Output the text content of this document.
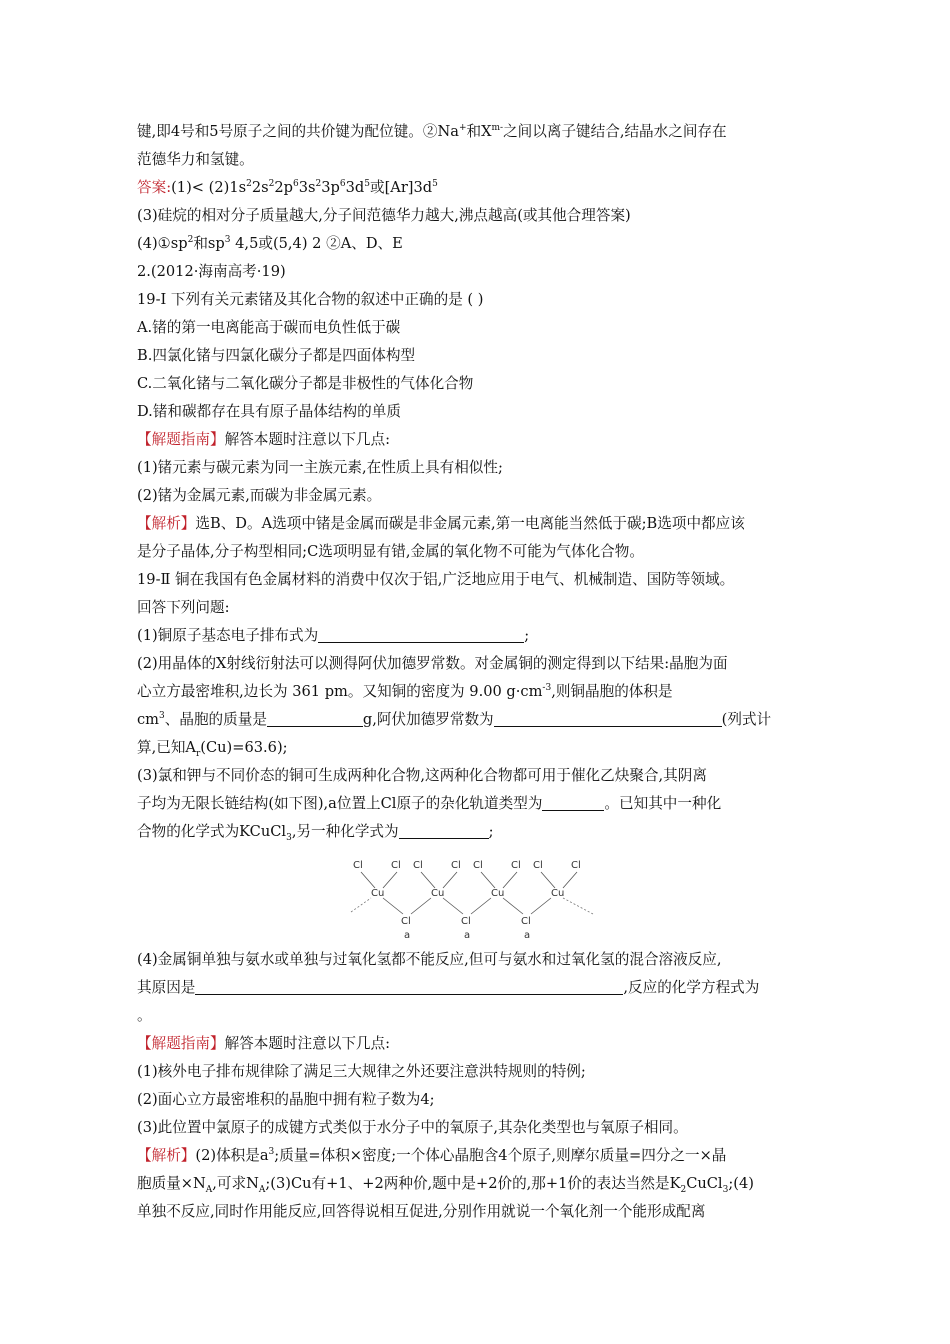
键,即4号和5号原子之间的共价键为配位键。②Na+和$X^{m-}$之间以离子键结合,结晶水之间存在
范德华力和氢键。
答案:(1)< $(2)1s^22s^22p^63s^23p^63d^5$或$[Ar]3d^5$
(3)硅烷的相对分子质量越大,分子间范德华力越大,沸点越高(或其他合理答案)
$(4)①sp^2$和$sp^3$ 4,5或(5,4) 2 ②A、D、E
2.(2012·海南高考·19)
19-Ⅰ 下列有关元素锗及其化合物的叙述中正确的是 ( )
A.锗的第一电离能高于碳而电负性低于碳
B.四氯化锗与四氯化碳分子都是四面体构型
C.二氧化锗与二氧化碳分子都是非极性的气体化合物
D.锗和碳都存在具有原子晶体结构的单质
【解题指南】解答本题时注意以下几点:
(1)锗元素与碳元素为同一主族元素,在性质上具有相似性;
(2)锗为金属元素,而碳为非金属元素。
【解析】选B、D。A选项中锗是金属而碳是非金属元素,第一电离能当然低于碳;B选项中都应该
是分子晶体,分子构型相同;C选项明显有错,金属的氧化物不可能为气体化合物。
19-Ⅱ 铜在我国有色金属材料的消费中仅次于铝,广泛地应用于电气、机械制造、国防等领域。
回答下列问题:
(1)铜原子基态电子排布式为	;
(2)用晶体的X射线衍射法可以测得阿伏加德罗常数。对金属铜的测定得到以下结果:晶胞为面
心立方最密堆积,边长为 361 pm。又知铜的密度为 9.00 $g\cdot cm^{-3}$,则铜晶胞的体积是
$cm^3$、晶胞的质量是	g,阿伏加德罗常数为	(列式计
算,已知$A_r(Cu)=63.6$);
(3)氯和钾与不同价态的铜可生成两种化合物,这两种化合物都可用于催化乙炔聚合,其阴离
子均为无限长链结构(如下图),a位置上Cl原子的杂化轨道类型为	。已知其中一种化
合物的化学式为KCuCl$_3$,另一种化学式为	;
Cl	Cl Cl	Cl Cl	Cl Cl	Cl
Cu	Cu	Cu	Cu
Cl	Cl	Cl
a	a	a
(4)金属铜单独与氨水或单独与过氧化氢都不能反应,但可与氨水和过氧化氢的混合溶液反应,
其原因是	,反应的化学方程式为
。
【解题指南】解答本题时注意以下几点:
(1)核外电子排布规律除了满足三大规律之外还要注意洪特规则的特例;
(2)面心立方最密堆积的晶胞中拥有粒子数为4;
(3)此位置中氯原子的成键方式类似于水分子中的氧原子,其杂化类型也与氧原子相同。
【解析】(2)体积是$a^3$;质量=体积×密度;一个体心晶胞含4个原子,则摩尔质量=四分之一×晶
胞质量$\times N_A$,可求$N_A;(3)Cu$有+1、+2两种价,题中是+2价的,那+1价的表达当然是$K_2CuCl_3;(4)$
单独不反应,同时作用能反应,回答得说相互促进,分别作用就说一个氧化剂一个能形成配离
